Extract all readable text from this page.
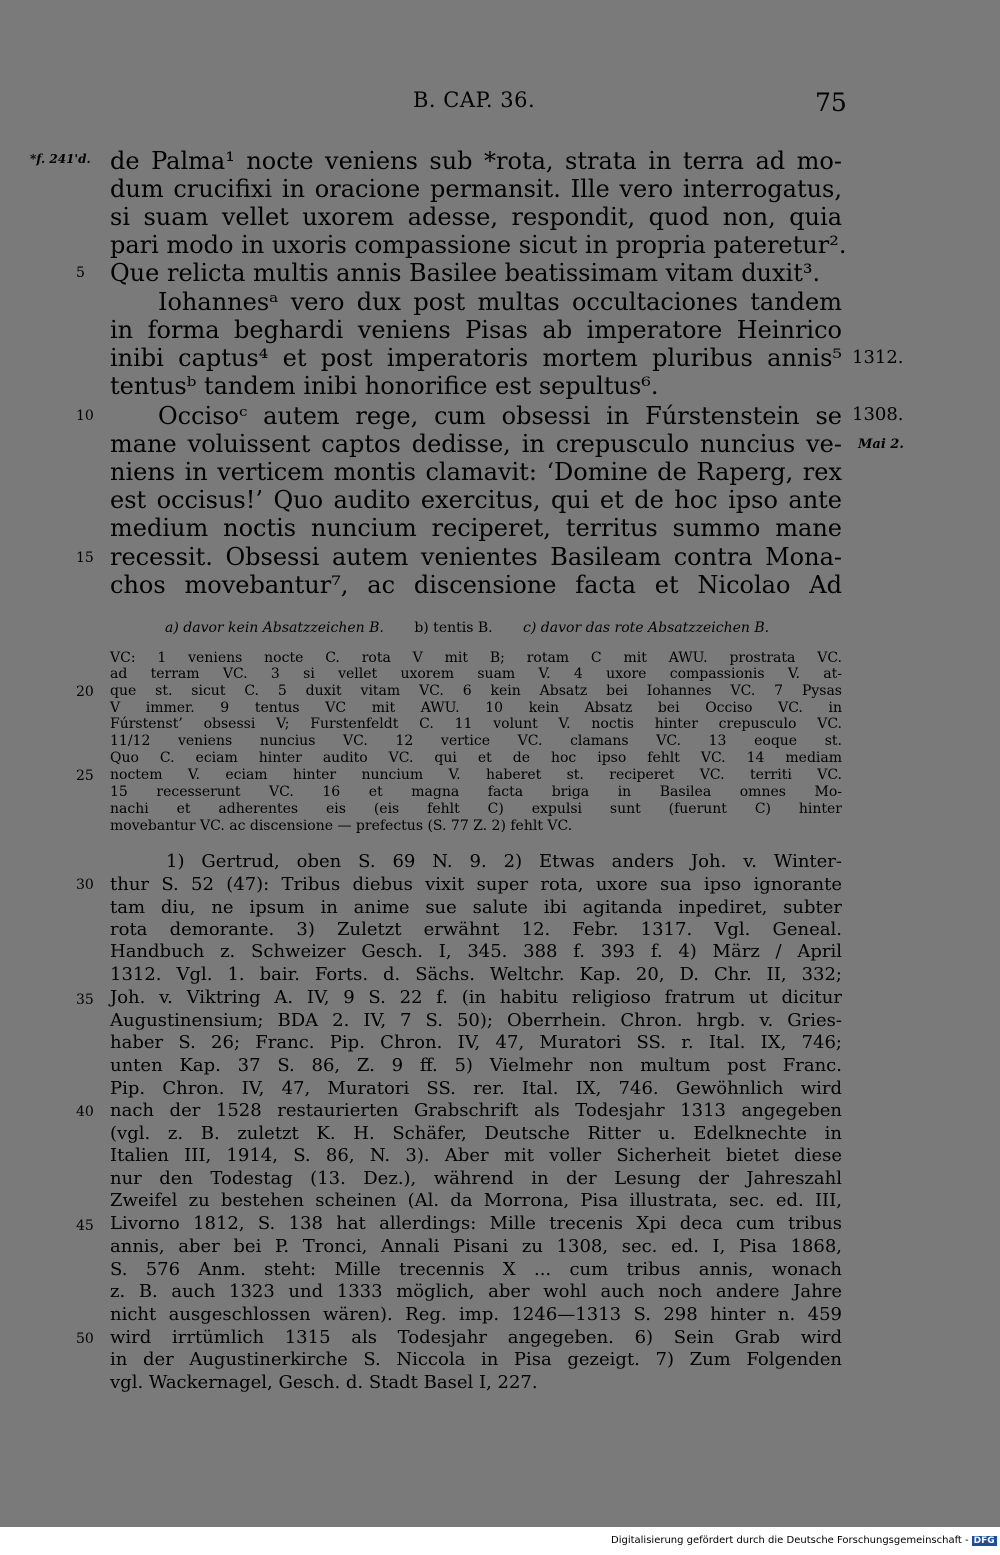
B. CAP. 36.	75
*f. 241'd.
1312.
1308.
Mai 2.
5
10
15
20
25
30
35
40
45
50
de Palma¹ nocte veniens sub *rota, strata in terra ad mo-
dum crucifixi in oracione permansit. Ille vero interrogatus,
si suam vellet uxorem adesse, respondit, quod non, quia
pari modo in uxoris compassione sicut in propria pateretur².
Que relicta multis annis Basilee beatissimam vitam duxit³.
Iohannesᵃ vero dux post multas occultaciones tandem
in forma beghardi veniens Pisas ab imperatore Heinrico
inibi captus⁴ et post imperatoris mortem pluribus annis⁵
tentusᵇ tandem inibi honorifice est sepultus⁶.
Occisoᶜ autem rege, cum obsessi in Fúrstenstein se
mane voluissent captos dedisse, in crepusculo nuncius ve-
niens in verticem montis clamavit: ‘Domine de Raperg, rex
est occisus!’ Quo audito exercitus, qui et de hoc ipso ante
medium noctis nuncium reciperet, territus summo mane
recessit. Obsessi autem venientes Basileam contra Mona-
chos movebantur⁷, ac discensione facta et Nicolao Ad
a) davor kein Absatzzeichen B. b) tentis B. c) davor das rote Absatzzeichen B.
VC: 1 veniens nocte C. rota V mit B; rotam C mit AWU. prostrata VC.
ad terram VC. 3 si vellet uxorem suam V. 4 uxore compassionis V. at-
que st. sicut C. 5 duxit vitam VC. 6 kein Absatz bei Iohannes VC. 7 Pysas
V immer. 9 tentus VC mit AWU. 10 kein Absatz bei Occiso VC. in
Fúrstenst’ obsessi V; Furstenfeldt C. 11 volunt V. noctis hinter crepusculo VC.
11/12 veniens nuncius VC. 12 vertice VC. clamans VC. 13 eoque st.
Quo C. eciam hinter audito VC. qui et de hoc ipso fehlt VC. 14 mediam
noctem V. eciam hinter nuncium V. haberet st. reciperet VC. territi VC.
15 recesserunt VC. 16 et magna facta briga in Basilea omnes Mo-
nachi et adherentes eis (eis fehlt C) expulsi sunt (fuerunt C) hinter
movebantur VC. ac discensione — prefectus (S. 77 Z. 2) fehlt VC.
1) Gertrud, oben S. 69 N. 9. 2) Etwas anders Joh. v. Winter-
thur S. 52 (47): Tribus diebus vixit super rota, uxore sua ipso ignorante
tam diu, ne ipsum in anime sue salute ibi agitanda inpediret, subter
rota demorante. 3) Zuletzt erwähnt 12. Febr. 1317. Vgl. Geneal.
Handbuch z. Schweizer Gesch. I, 345. 388 f. 393 f. 4) März / April
1312. Vgl. 1. bair. Forts. d. Sächs. Weltchr. Kap. 20, D. Chr. II, 332;
Joh. v. Viktring A. IV, 9 S. 22 f. (in habitu religioso fratrum ut dicitur
Augustinensium; BDA 2. IV, 7 S. 50); Oberrhein. Chron. hrgb. v. Gries-
haber S. 26; Franc. Pip. Chron. IV, 47, Muratori SS. r. Ital. IX, 746;
unten Kap. 37 S. 86, Z. 9 ff. 5) Vielmehr non multum post Franc.
Pip. Chron. IV, 47, Muratori SS. rer. Ital. IX, 746. Gewöhnlich wird
nach der 1528 restaurierten Grabschrift als Todesjahr 1313 angegeben
(vgl. z. B. zuletzt K. H. Schäfer, Deutsche Ritter u. Edelknechte in
Italien III, 1914, S. 86, N. 3). Aber mit voller Sicherheit bietet diese
nur den Todestag (13. Dez.), während in der Lesung der Jahreszahl
Zweifel zu bestehen scheinen (Al. da Morrona, Pisa illustrata, sec. ed. III,
Livorno 1812, S. 138 hat allerdings: Mille trecenis Xpi deca cum tribus
annis, aber bei P. Tronci, Annali Pisani zu 1308, sec. ed. I, Pisa 1868,
S. 576 Anm. steht: Mille trecennis X ... cum tribus annis, wonach
z. B. auch 1323 und 1333 möglich, aber wohl auch noch andere Jahre
nicht ausgeschlossen wären). Reg. imp. 1246—1313 S. 298 hinter n. 459
wird irrtümlich 1315 als Todesjahr angegeben. 6) Sein Grab wird
in der Augustinerkirche S. Niccola in Pisa gezeigt. 7) Zum Folgenden
vgl. Wackernagel, Gesch. d. Stadt Basel I, 227.
Digitalisierung gefördert durch die Deutsche Forschungsgemeinschaft - DFG
